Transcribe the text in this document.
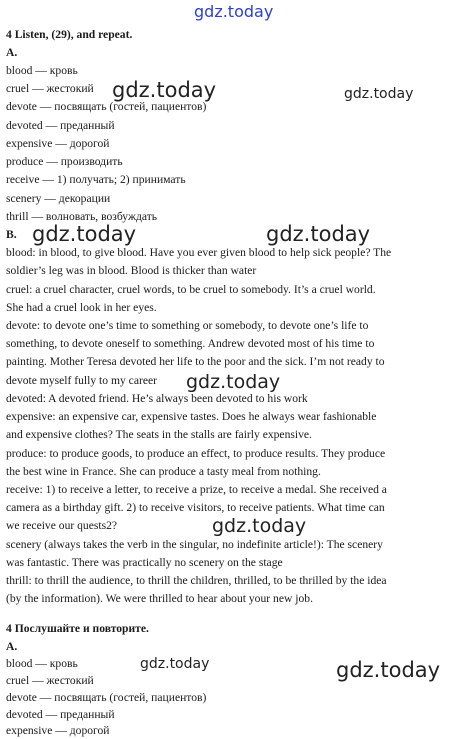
gdz.today
gdz.today	gdz.today
gdz.today	gdz.today
gdz.today
gdz.today
gdz.today	gdz.today
4 Listen, (29), and repeat.
A.
blood — кровь
cruel — жестокий
devote — посвящать (гостей, пациентов)
devoted — преданный
expensive — дорогой
produce — производить
receive — 1) получать; 2) принимать
scenery — декорации
thrill — волновать, возбуждать
B.
blood: in blood, to give blood. Have you ever given blood to help sick people? The
soldier’s leg was in blood. Blood is thicker than water
cruel: a cruel character, cruel words, to be cruel to somebody. It’s a cruel world.
She had a cruel look in her eyes.
devote: to devote one’s time to something or somebody, to devote one’s life to
something, to devote oneself to something. Andrew devoted most of his time to
painting. Mother Teresa devoted her life to the poor and the sick. I’m not ready to
devote myself fully to my career
devoted: A devoted friend. He’s always been devoted to his work
expensive: an expensive car, expensive tastes. Does he always wear fashionable
and expensive clothes? The seats in the stalls are fairly expensive.
produce: to produce goods, to produce an effect, to produce results. They produce
the best wine in France. She can produce a tasty meal from nothing.
receive: 1) to receive a letter, to receive a prize, to receive a medal. She received a
camera as a birthday gift. 2) to receive visitors, to receive patients. What time can
we receive our quests2?
scenery (always takes the verb in the singular, no indefinite article!): The scenery
was fantastic. There was practically no scenery on the stage
thrill: to thrill the audience, to thrill the children, thrilled, to be thrilled by the idea
(by the information). We were thrilled to hear about your new job.
4 Послушайте и повторите.
А.
blood — кровь
cruel — жестокий
devote — посвящать (гостей, пациентов)
devoted — преданный
expensive — дорогой
